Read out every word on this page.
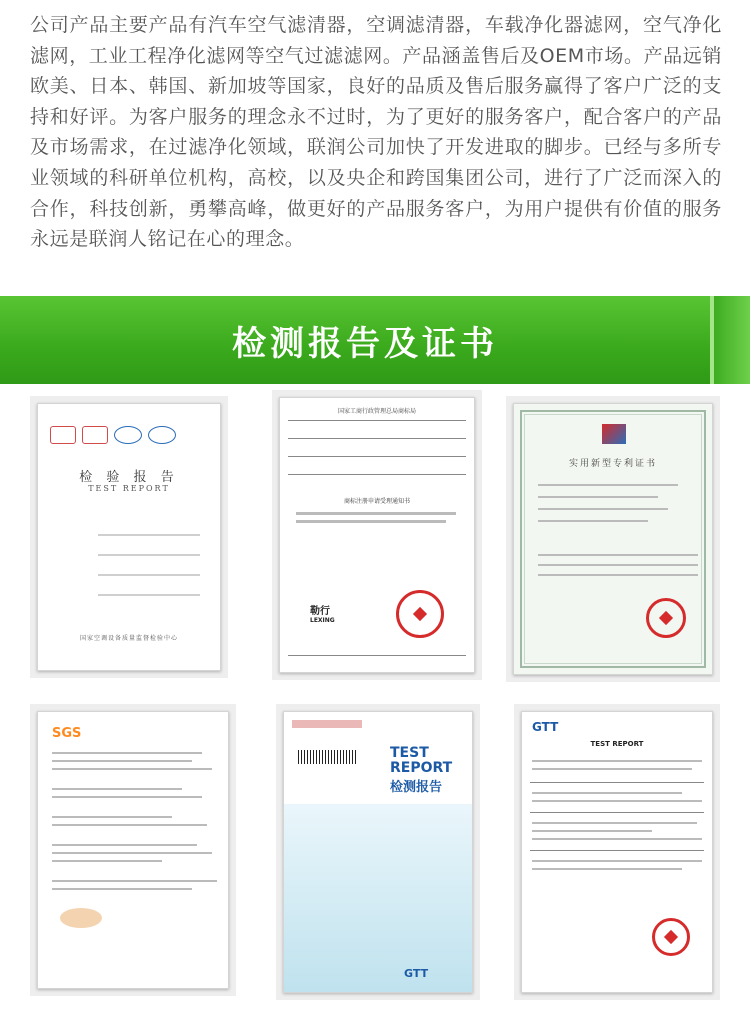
公司产品主要产品有汽车空气滤清器，空调滤清器，车载净化器滤网，空气净化滤网，工业工程净化滤网等空气过滤滤网。产品涵盖售后及OEM市场。产品远销欧美、日本、韩国、新加坡等国家，良好的品质及售后服务赢得了客户广泛的支持和好评。为客户服务的理念永不过时，为了更好的服务客户，配合客户的产品及市场需求，在过滤净化领域，联润公司加快了开发进取的脚步。已经与多所专业领域的科研单位机构，高校，以及央企和跨国集团公司，进行了广泛而深入的合作，科技创新，勇攀高峰，做更好的产品服务客户，为用户提供有价值的服务永远是联润人铭记在心的理念。

检测报告及证书
检 验 报 告
TEST REPORT
国家空调设备质量监督检验中心
国家工商行政管理总局商标局
商标注册申请受理通知书
勒行
LEXING
实用新型专利证书
SGS
TEST
REPORT
检测报告
GTT
GTT
TEST REPORT
